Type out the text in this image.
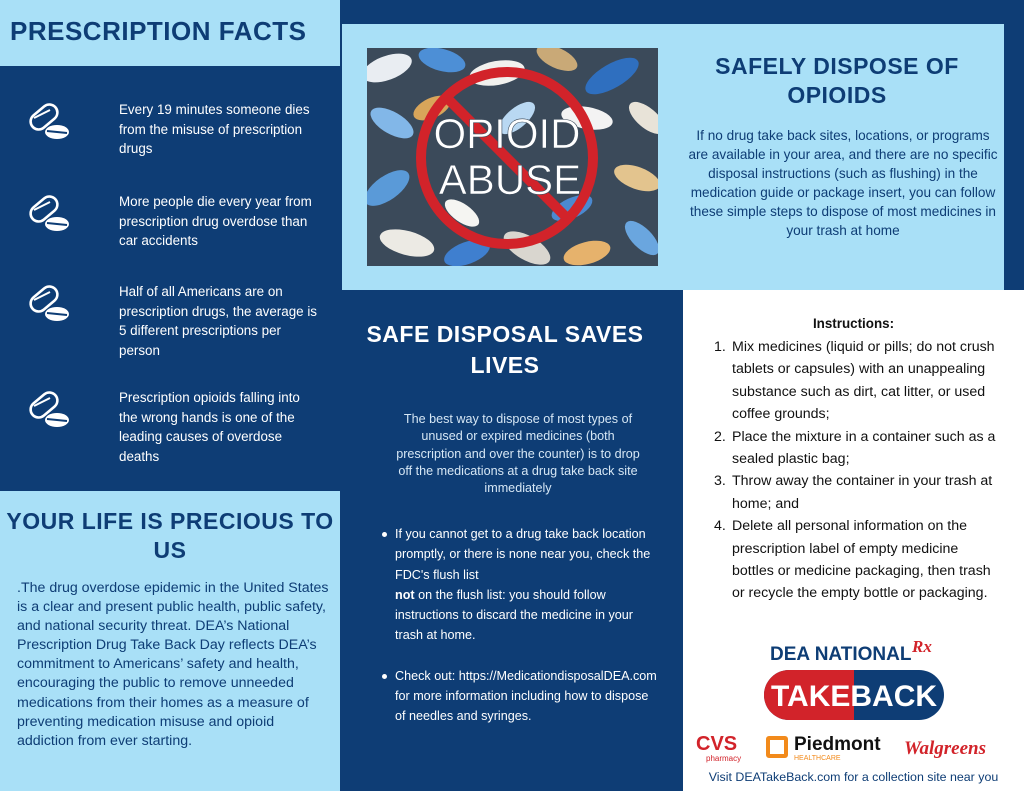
PRESCRIPTION FACTS
Every 19 minutes someone dies from the misuse of prescription drugs
More people die every year from prescription drug overdose than car accidents
Half of all Americans are on prescription drugs, the average is 5 different prescriptions per person
Prescription opioids falling into the wrong hands is one of the leading causes of overdose deaths
YOUR LIFE IS PRECIOUS TO US
.The drug overdose epidemic in the United States is a clear and present public health, public safety, and national security threat. DEA’s National Prescription Drug Take Back Day reflects DEA’s commitment to Americans’ safety and health, encouraging the public to remove unneeded medications from their homes as a measure of preventing medication misuse and opioid addiction from ever starting.
OPIOID
ABUSE
SAFELY DISPOSE OF OPIOIDS
If no drug take back sites, locations, or programs are available in your area, and there are no specific disposal instructions (such as flushing) in the medication guide or package insert, you can follow these simple steps to dispose of most medicines in your trash at home
SAFE DISPOSAL SAVES LIVES
The best way to dispose of most types of unused or expired medicines (both prescription and over the counter) is to drop off the medications at a drug take back site immediately
If you cannot get to a drug take back location promptly, or there is none near you, check the FDC's flush list
not on the flush list: you should follow instructions to discard the medicine in your trash at home.
Check out: https://MedicationdisposalDEA.com for more information including how to dispose of needles and syringes.
Instructions:
1. Mix medicines (liquid or pills; do not crush tablets or capsules) with an unappealing substance such as dirt, cat litter, or used coffee grounds;
2. Place the mixture in a container such as a sealed plastic bag;
3. Throw away the container in your trash at home; and
4. Delete all personal information on the prescription label of empty medicine bottles or medicine packaging, then trash or recycle the empty bottle or packaging.
DEA NATIONAL Rx
TAKEBACK
CVS
pharmacy
Piedmont
HEALTHCARE	Walgreens
Visit DEATakeBack.com for a collection site near you
